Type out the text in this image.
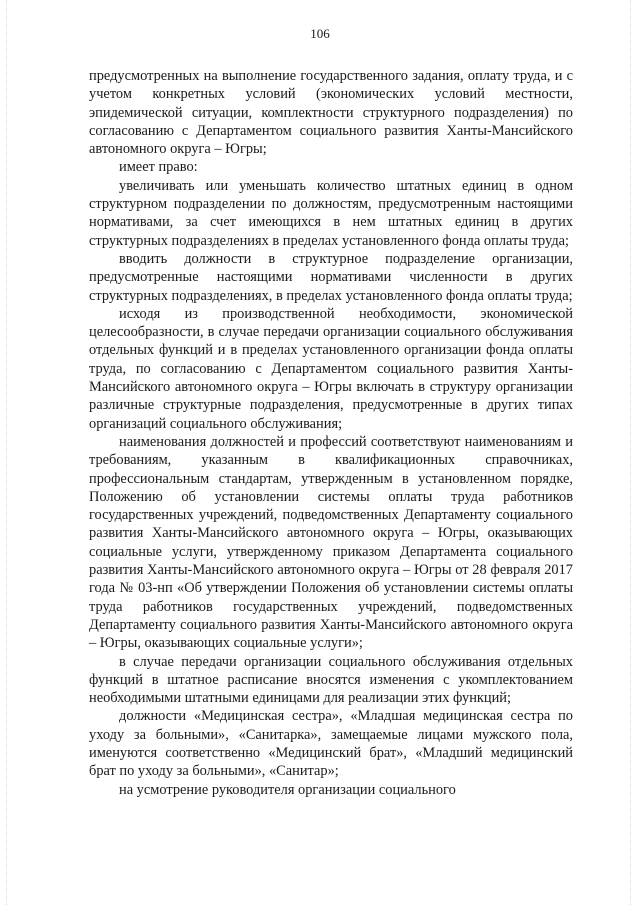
106

предусмотренных на выполнение государственного задания, оплату труда, и с учетом конкретных условий (экономических условий местности, эпидемической ситуации, комплектности структурного подразделения) по согласованию с Департаментом социального развития Ханты-Мансийского автономного округа – Югры;

имеет право:

увеличивать или уменьшать количество штатных единиц в одном структурном подразделении по должностям, предусмотренным настоящими нормативами, за счет имеющихся в нем штатных единиц в других структурных подразделениях в пределах установленного фонда оплаты труда;

вводить должности в структурное подразделение организации, предусмотренные настоящими нормативами численности в других структурных подразделениях, в пределах установленного фонда оплаты труда;

исходя из производственной необходимости, экономической целесообразности, в случае передачи организации социального обслуживания отдельных функций и в пределах установленного организации фонда оплаты труда, по согласованию с Департаментом социального развития Ханты-Мансийского автономного округа – Югры включать в структуру организации различные структурные подразделения, предусмотренные в других типах организаций социального обслуживания;

наименования должностей и профессий соответствуют наименованиям и требованиям, указанным в квалификационных справочниках, профессиональным стандартам, утвержденным в установленном порядке, Положению об установлении системы оплаты труда работников государственных учреждений, подведомственных Департаменту социального развития Ханты-Мансийского автономного округа – Югры, оказывающих социальные услуги, утвержденному приказом Департамента социального развития Ханты-Мансийского автономного округа – Югры от 28 февраля 2017 года № 03-нп «Об утверждении Положения об установлении системы оплаты труда работников государственных учреждений, подведомственных Департаменту социального развития Ханты-Мансийского автономного округа – Югры, оказывающих социальные услуги»;

в случае передачи организации социального обслуживания отдельных функций в штатное расписание вносятся изменения с укомплектованием необходимыми штатными единицами для реализации этих функций;

должности «Медицинская сестра», «Младшая медицинская сестра по уходу за больными», «Санитарка», замещаемые лицами мужского пола, именуются соответственно «Медицинский брат», «Младший медицинский брат по уходу за больными», «Санитар»;

на усмотрение руководителя организации социального
